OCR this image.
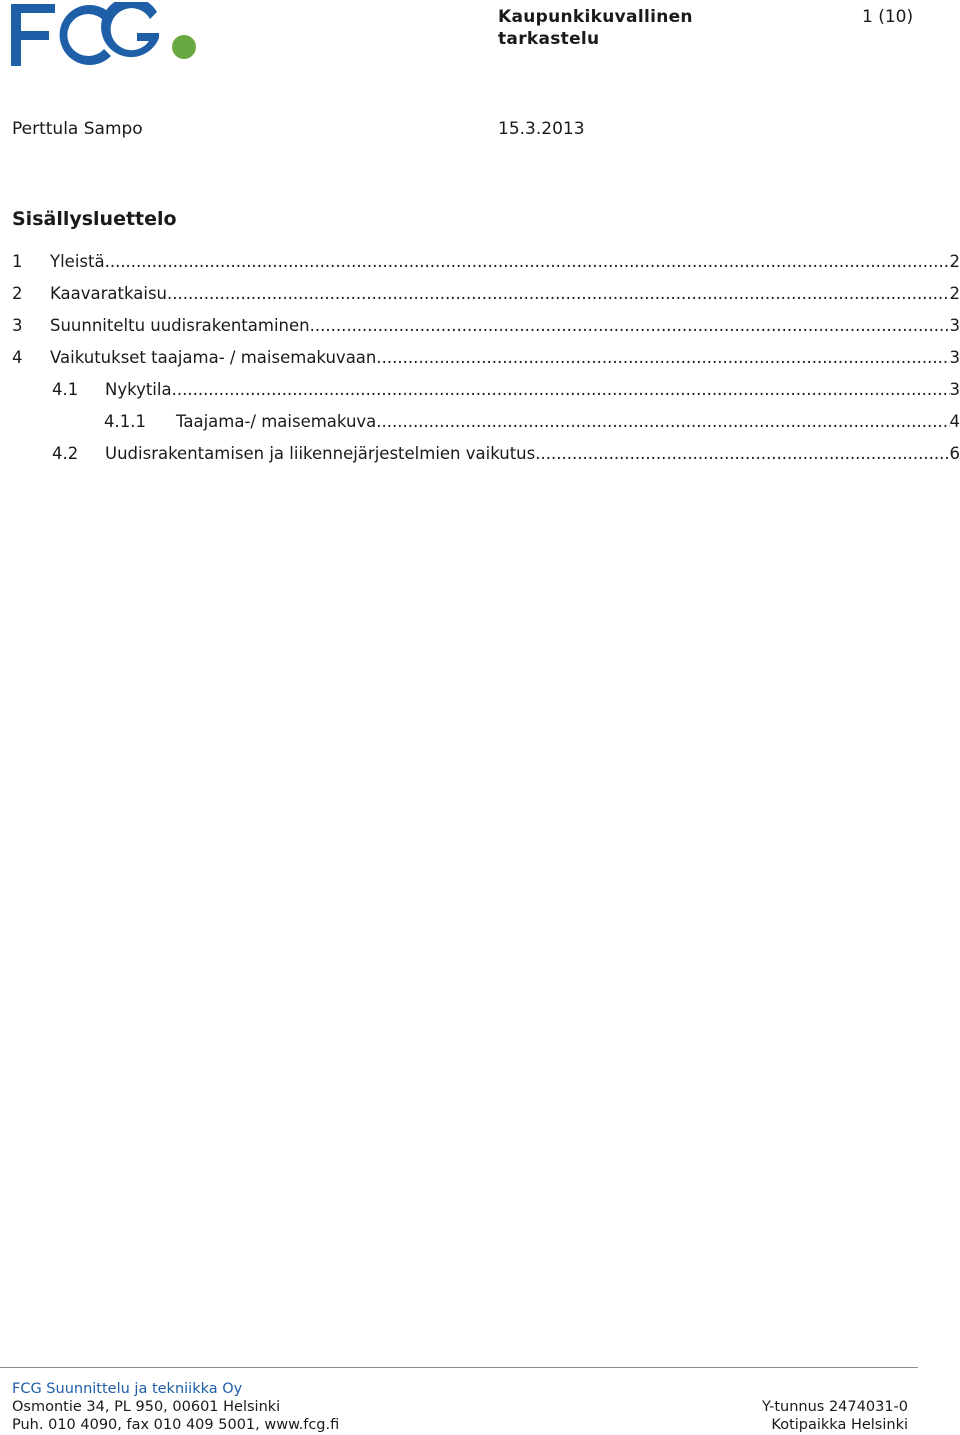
Kaupunkikuvallinen
tarkastelu
1 (10)
Perttula Sampo	15.3.2013
Sisällysluettelo
1	Yleistä .....	2
2	Kaavaratkaisu .....	2
3	Suunniteltu uudisrakentaminen .....	3
4	Vaikutukset taajama- / maisemakuvaan .....	3
4.1	Nykytila .....	3
4.1.1	Taajama-/ maisemakuva .....	4
4.2	Uudisrakentamisen ja liikennejärjestelmien vaikutus .....	6
FCG Suunnittelu ja tekniikka Oy
Osmontie 34, PL 950, 00601 Helsinki
Puh. 010 4090, fax 010 409 5001, www.fcg.fi
Y-tunnus 2474031-0
Kotipaikka Helsinki
